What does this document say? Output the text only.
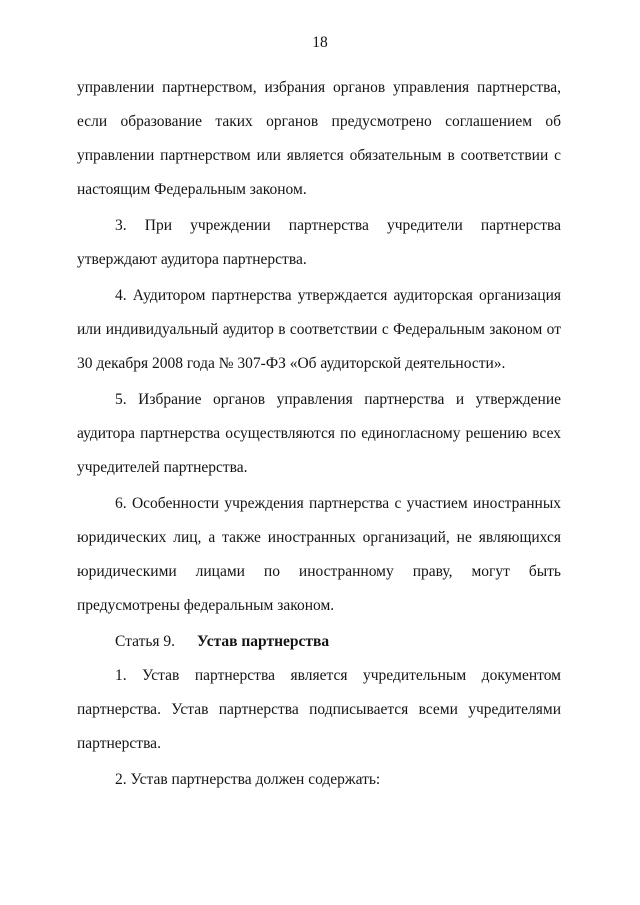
18

управлении партнерством, избрания органов управления партнерства, если образование таких органов предусмотрено соглашением об управлении партнерством или является обязательным в соответствии с настоящим Федеральным законом.

3. При учреждении партнерства учредители партнерства утверждают аудитора партнерства.

4. Аудитором партнерства утверждается аудиторская организация или индивидуальный аудитор в соответствии с Федеральным законом от 30 декабря 2008 года № 307-ФЗ «Об аудиторской деятельности».

5. Избрание органов управления партнерства и утверждение аудитора партнерства осуществляются по единогласному решению всех учредителей партнерства.

6. Особенности учреждения партнерства с участием иностранных юридических лиц, а также иностранных организаций, не являющихся юридическими лицами по иностранному праву, могут быть предусмотрены федеральным законом.

Статья 9. Устав партнерства

1. Устав партнерства является учредительным документом партнерства. Устав партнерства подписывается всеми учредителями партнерства.

2. Устав партнерства должен содержать:
